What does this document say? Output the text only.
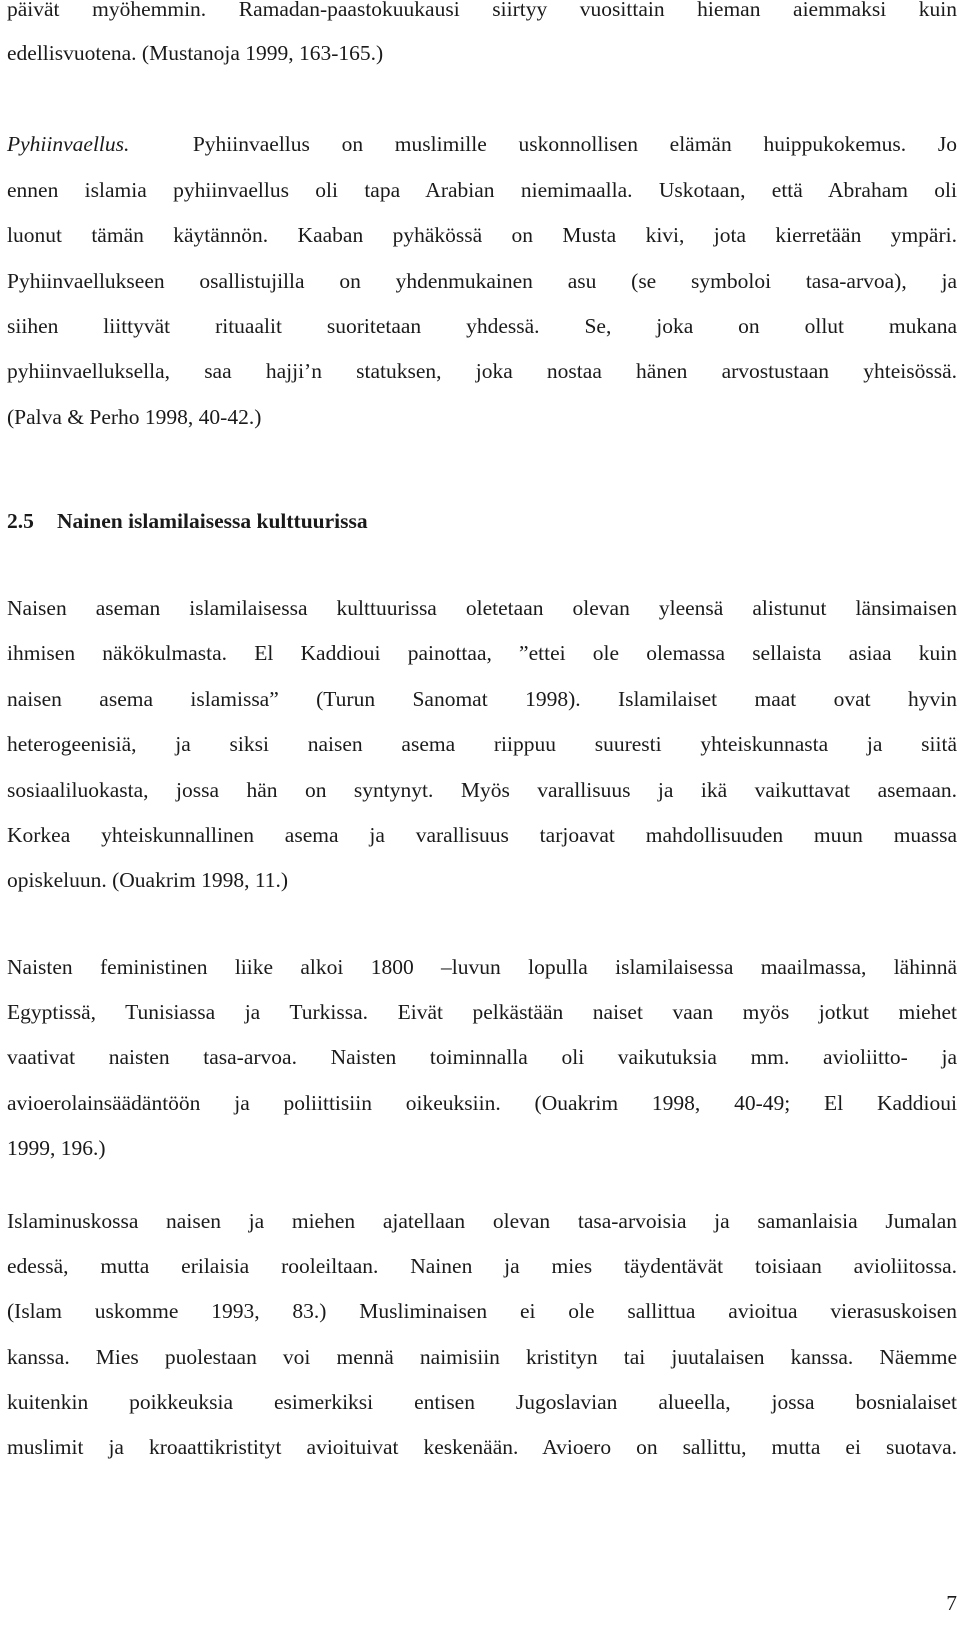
päivät myöhemmin. Ramadan-paastokuukausi siirtyy vuosittain hieman aiemmaksi kuin
edellisvuotena. (Mustanoja 1999, 163-165.)
Pyhiinvaellus.  Pyhiinvaellus on muslimille uskonnollisen elämän huippukokemus. Jo
ennen islamia pyhiinvaellus oli tapa Arabian niemimaalla. Uskotaan, että Abraham oli
luonut tämän käytännön. Kaaban pyhäkössä on Musta kivi, jota kierretään ympäri.
Pyhiinvaellukseen osallistujilla on yhdenmukainen asu (se symboloi tasa-arvoa), ja
siihen liittyvät rituaalit suoritetaan yhdessä. Se, joka on ollut mukana
pyhiinvaelluksella, saa hajji’n statuksen, joka nostaa hänen arvostustaan yhteisössä.
(Palva & Perho 1998, 40-42.)
2.5 Nainen islamilaisessa kulttuurissa
Naisen aseman islamilaisessa kulttuurissa oletetaan olevan yleensä alistunut länsimaisen
ihmisen näkökulmasta. El Kaddioui painottaa, ”ettei ole olemassa sellaista asiaa kuin
naisen asema islamissa” (Turun Sanomat 1998). Islamilaiset maat ovat hyvin
heterogeenisiä, ja siksi naisen asema riippuu suuresti yhteiskunnasta ja siitä
sosiaaliluokasta, jossa hän on syntynyt. Myös varallisuus ja ikä vaikuttavat asemaan.
Korkea yhteiskunnallinen asema ja varallisuus tarjoavat mahdollisuuden muun muassa
opiskeluun. (Ouakrim 1998, 11.)
Naisten feministinen liike alkoi 1800 –luvun lopulla islamilaisessa maailmassa, lähinnä
Egyptissä, Tunisiassa ja Turkissa. Eivät pelkästään naiset vaan myös jotkut miehet
vaativat naisten tasa-arvoa. Naisten toiminnalla oli vaikutuksia mm. avioliitto- ja
avioerolainsäädäntöön ja poliittisiin oikeuksiin. (Ouakrim 1998, 40-49; El Kaddioui
1999, 196.)
Islaminuskossa naisen ja miehen ajatellaan olevan tasa-arvoisia ja samanlaisia Jumalan
edessä, mutta erilaisia rooleiltaan. Nainen ja mies täydentävät toisiaan avioliitossa.
(Islam uskomme 1993, 83.) Musliminaisen ei ole sallittua avioitua vierasuskoisen
kanssa. Mies puolestaan voi mennä naimisiin kristityn tai juutalaisen kanssa. Näemme
kuitenkin poikkeuksia esimerkiksi entisen Jugoslavian alueella, jossa bosnialaiset
muslimit ja kroaattikristityt avioituivat keskenään. Avioero on sallittu, mutta ei suotava.
7
